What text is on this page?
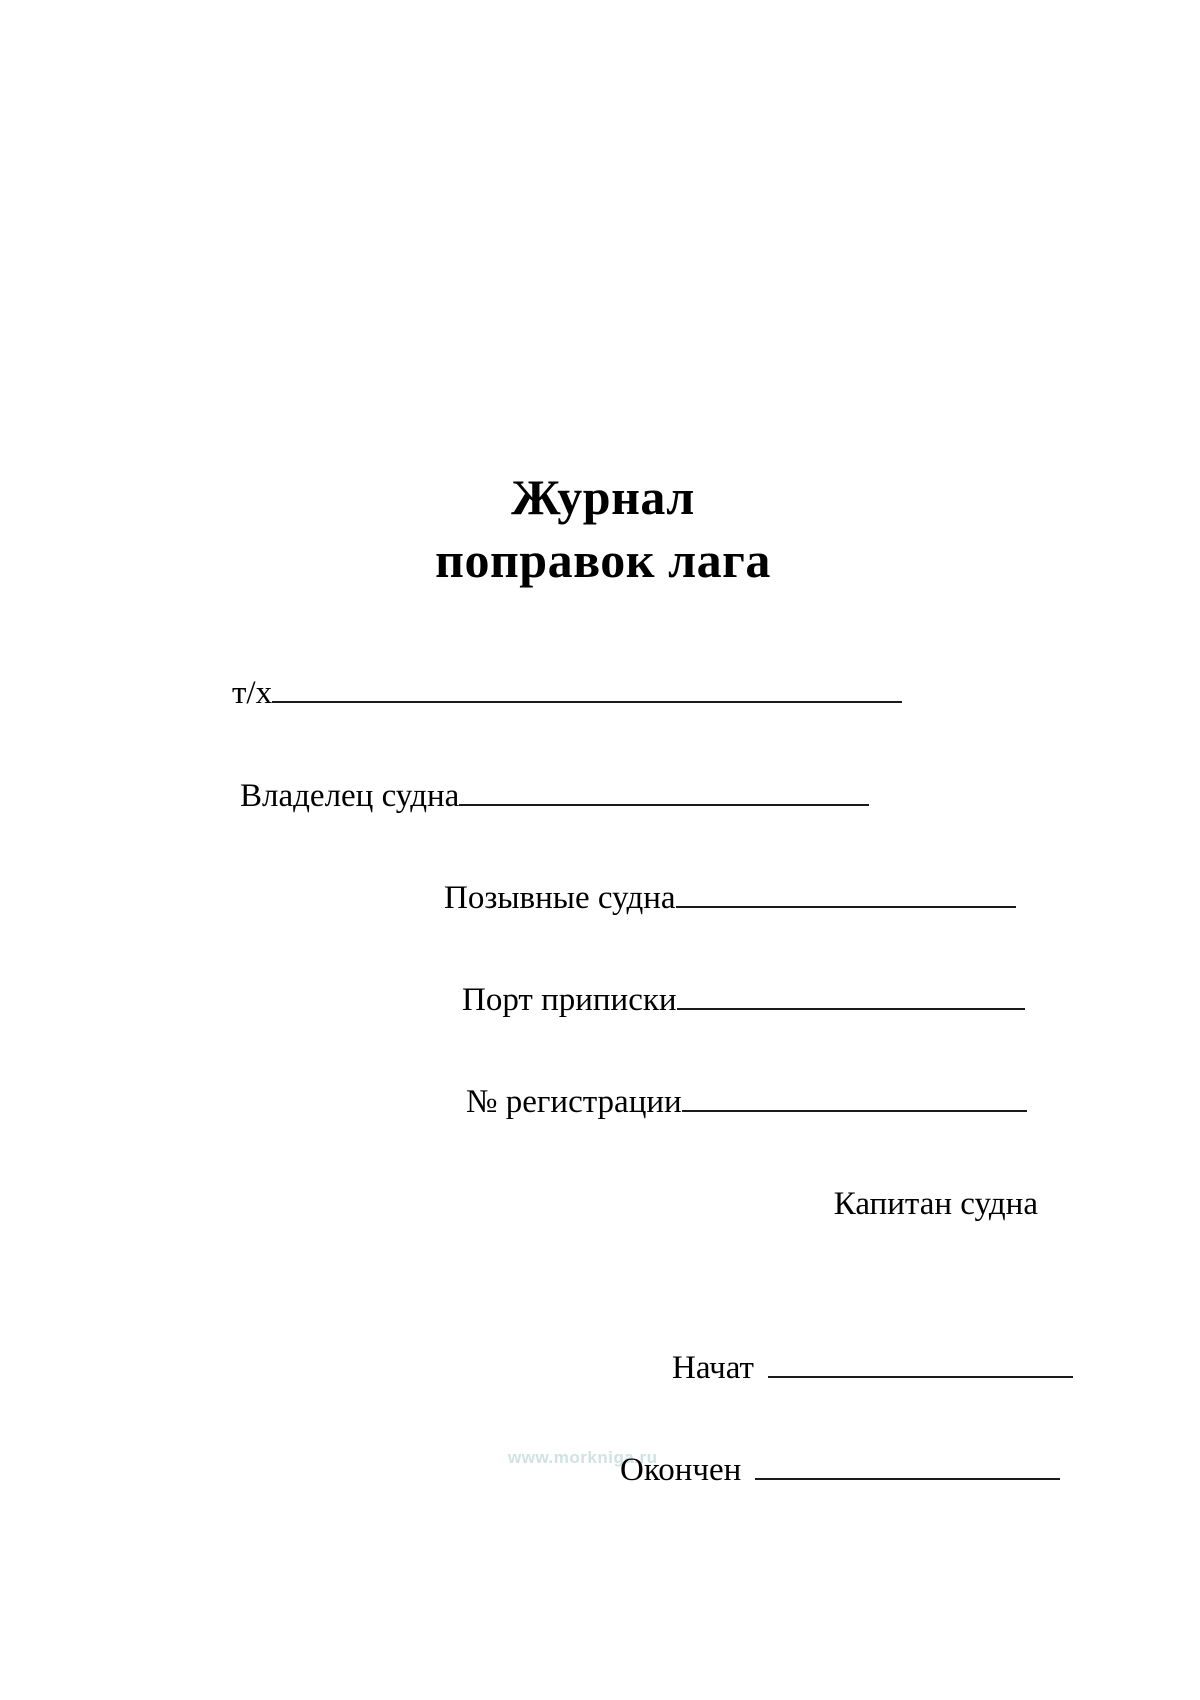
www.morkniga.ru
Журнал
поправок лага
т/х
Владелец судна
Позывные судна
Порт приписки
№ регистрации
Капитан судна
Начат
Окончен
